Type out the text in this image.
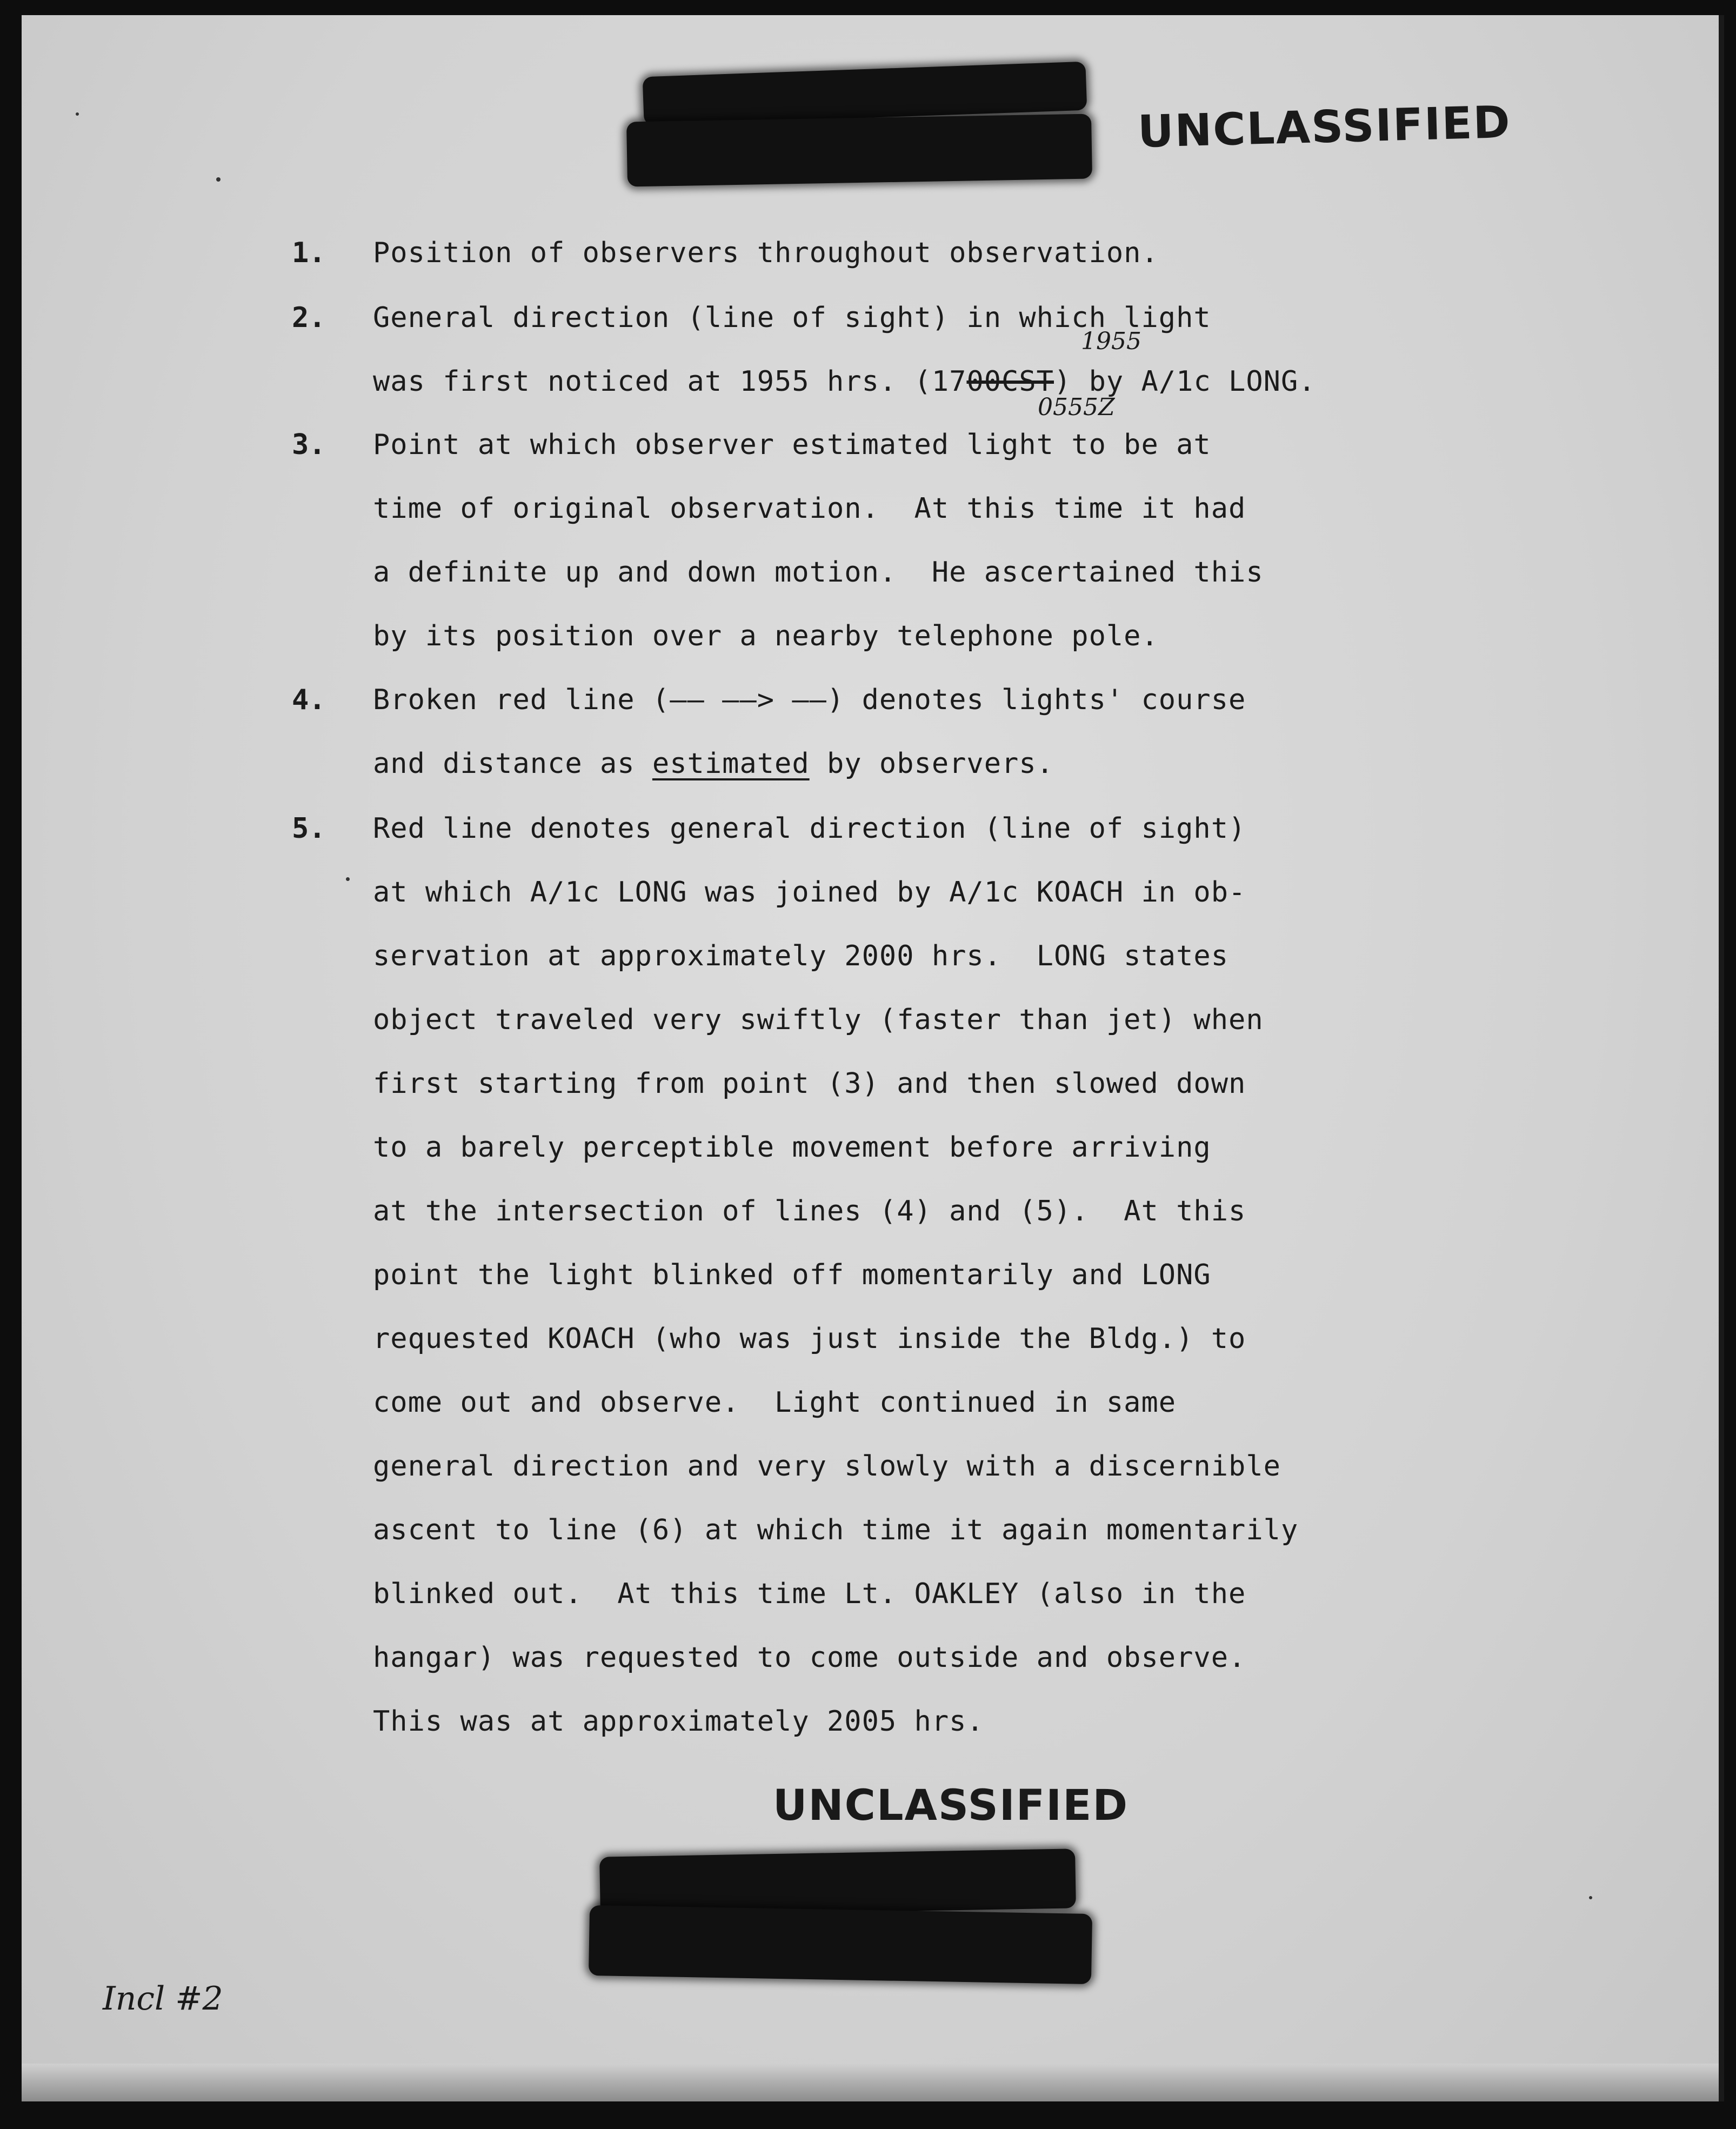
UNCLASSIFIED
1.	Position of observers throughout observation.
2.	General direction (line of sight) in which light
was first noticed at 1955 hrs. (1700CST) by A/1c LONG.
1955
0555Z
3.	Point at which observer estimated light to be at
time of original observation.  At this time it had
a definite up and down motion.  He ascertained this
by its position over a nearby telephone pole.
4.	Broken red line (—— ——> ——) denotes lights' course
and distance as estimated by observers.
5.	Red line denotes general direction (line of sight)
at which A/1c LONG was joined by A/1c KOACH in ob-
servation at approximately 2000 hrs.  LONG states
object traveled very swiftly (faster than jet) when
first starting from point (3) and then slowed down
to a barely perceptible movement before arriving
at the intersection of lines (4) and (5).  At this
point the light blinked off momentarily and LONG
requested KOACH (who was just inside the Bldg.) to
come out and observe.  Light continued in same
general direction and very slowly with a discernible
ascent to line (6) at which time it again momentarily
blinked out.  At this time Lt. OAKLEY (also in the
hangar) was requested to come outside and observe.
This was at approximately 2005 hrs.
UNCLASSIFIED
Incl #2
